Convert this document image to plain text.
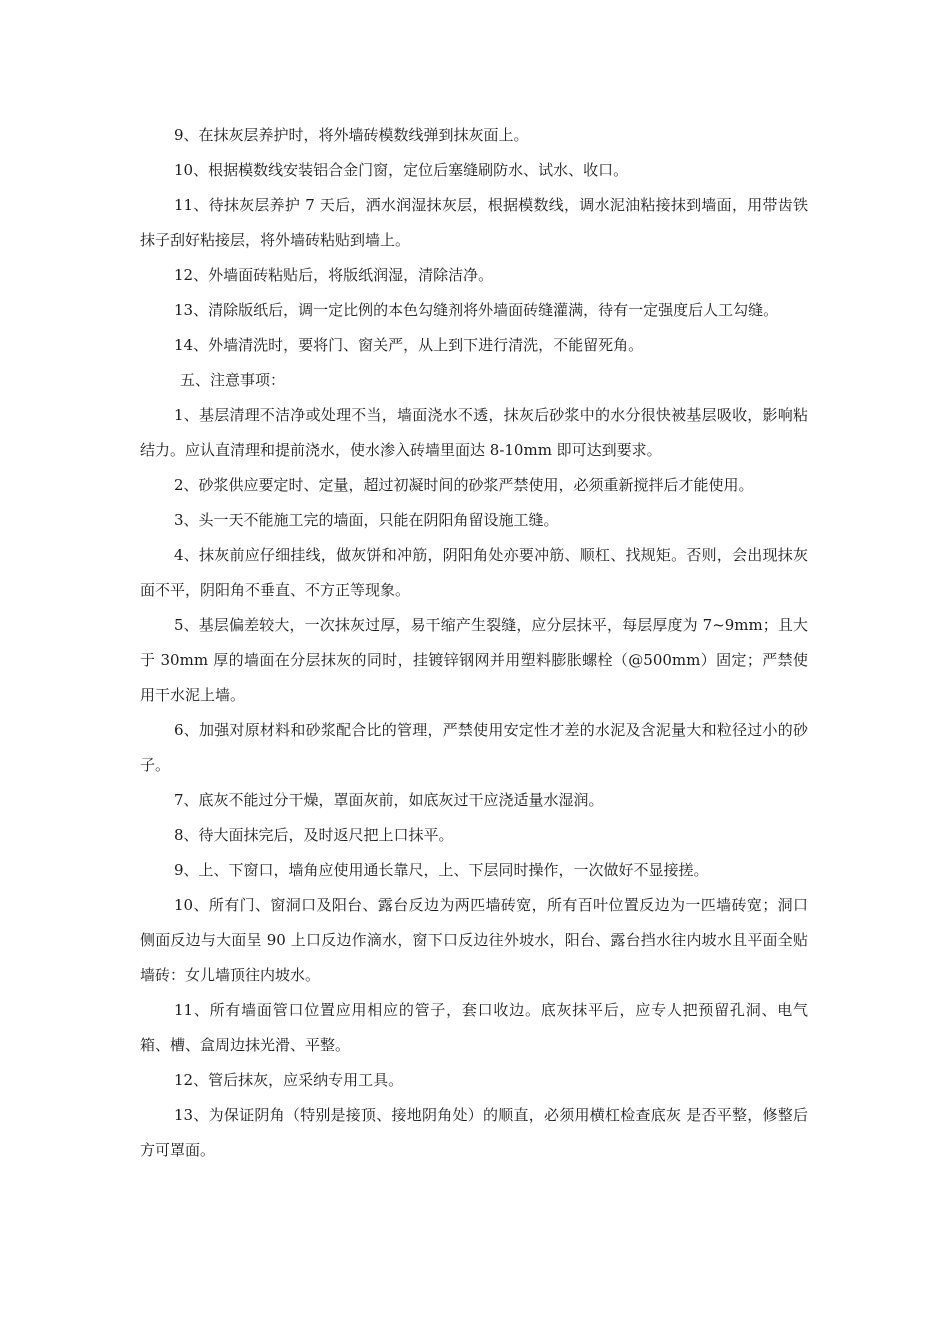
9、在抹灰层养护时，将外墙砖模数线弹到抹灰面上。

10、根据模数线安装铝合金门窗，定位后塞缝刷防水、试水、收口。

11、待抹灰层养护 7 天后，洒水润湿抹灰层，根据模数线，调水泥油粘接抹到墙面，用带齿铁抹子刮好粘接层，将外墙砖粘贴到墙上。

12、外墙面砖粘贴后，将版纸润湿，清除洁净。

13、清除版纸后，调一定比例的本色勾缝剂将外墙面砖缝灌满，待有一定强度后人工勾缝。

14、外墙清洗时，要将门、窗关严，从上到下进行清洗，不能留死角。

五、注意事项：

1、基层清理不洁净或处理不当，墙面浇水不透，抹灰后砂浆中的水分很快被基层吸收，影响粘结力。应认直清理和提前浇水，使水渗入砖墙里面达 8-10mm 即可达到要求。

2、砂浆供应要定时、定量，超过初凝时间的砂浆严禁使用，必须重新搅拌后才能使用。

3、头一天不能施工完的墙面，只能在阴阳角留设施工缝。

4、抹灰前应仔细挂线，做灰饼和冲筋，阴阳角处亦要冲筋、顺杠、找规矩。否则，会出现抹灰面不平，阴阳角不垂直、不方正等现象。

5、基层偏差较大，一次抹灰过厚，易干缩产生裂缝，应分层抹平，每层厚度为 7~9mm；且大于 30mm 厚的墙面在分层抹灰的同时，挂镀锌钢网并用塑料膨胀螺栓（@500mm）固定；严禁使用干水泥上墙。

6、加强对原材料和砂浆配合比的管理，严禁使用安定性才差的水泥及含泥量大和粒径过小的砂子。

7、底灰不能过分干燥，罩面灰前，如底灰过干应浇适量水湿润。

8、待大面抹完后，及时返尺把上口抹平。

9、上、下窗口，墙角应使用通长靠尺，上、下层同时操作，一次做好不显接搓。

10、所有门、窗洞口及阳台、露台反边为两匹墙砖宽，所有百叶位置反边为一匹墙砖宽；洞口侧面反边与大面呈 90 上口反边作滴水，窗下口反边往外坡水，阳台、露台挡水往内坡水且平面全贴墙砖：女儿墙顶往内坡水。

11、所有墙面管口位置应用相应的管子，套口收边。底灰抹平后，应专人把预留孔洞、电气箱、槽、盒周边抹光滑、平整。

12、管后抹灰，应采纳专用工具。

13、为保证阴角（特别是接顶、接地阴角处）的顺直，必须用横杠检查底灰 是否平整，修整后方可罩面。
